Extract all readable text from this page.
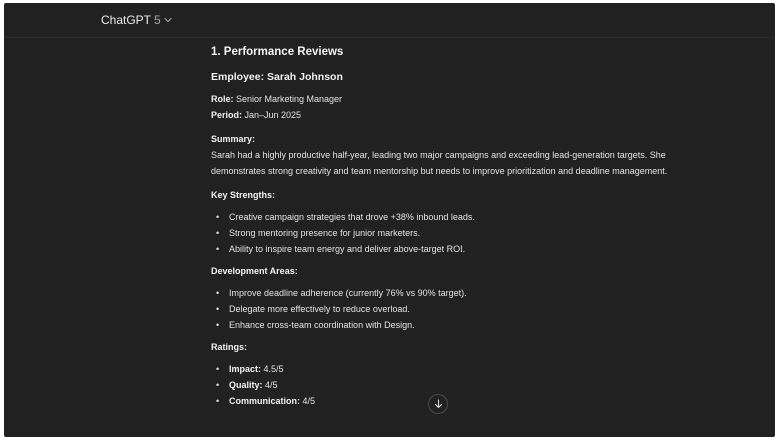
ChatGPT 5

1. Performance Reviews

Employee: Sarah Johnson

Role: Senior Marketing Manager

Period: Jan–Jun 2025

Summary:

Sarah had a highly productive half-year, leading two major campaigns and exceeding lead-generation targets. She demonstrates strong creativity and team mentorship but needs to improve prioritization and deadline management.

Key Strengths:

• Creative campaign strategies that drove +38% inbound leads.
• Strong mentoring presence for junior marketers.
• Ability to inspire team energy and deliver above-target ROI.

Development Areas:

• Improve deadline adherence (currently 76% vs 90% target).
• Delegate more effectively to reduce overload.
• Enhance cross-team coordination with Design.

Ratings:

• Impact: 4.5/5
• Quality: 4/5
• Communication: 4/5
